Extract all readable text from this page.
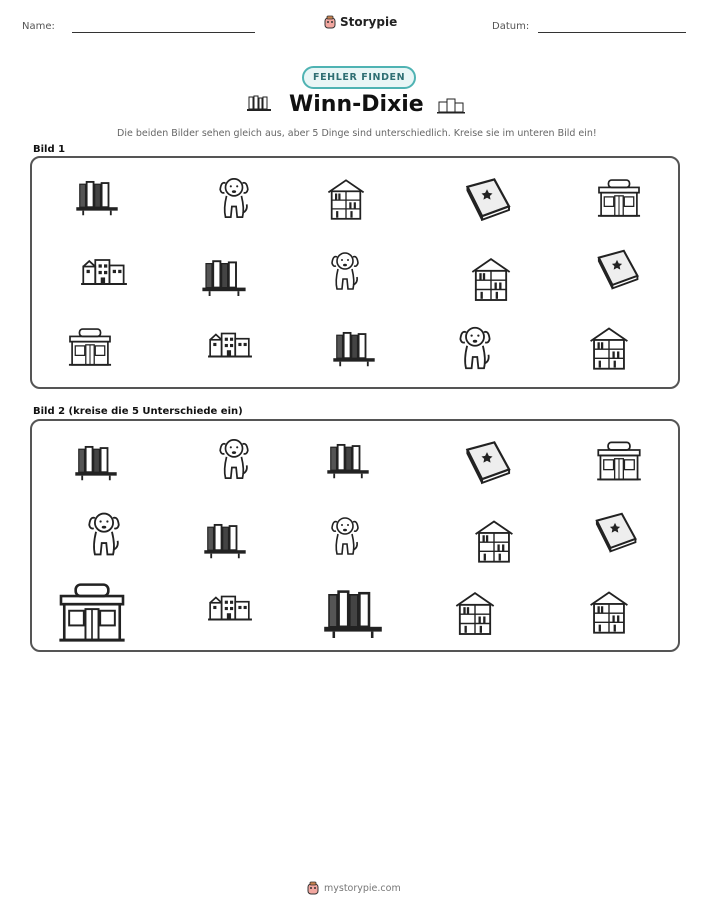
Name:	Storypie	Datum:
FEHLER FINDEN
Winn-Dixie
Die beiden Bilder sehen gleich aus, aber 5 Dinge sind unterschiedlich. Kreise sie im unteren Bild ein!
Bild 1
Bild 2 (kreise die 5 Unterschiede ein)
mystorypie.com
